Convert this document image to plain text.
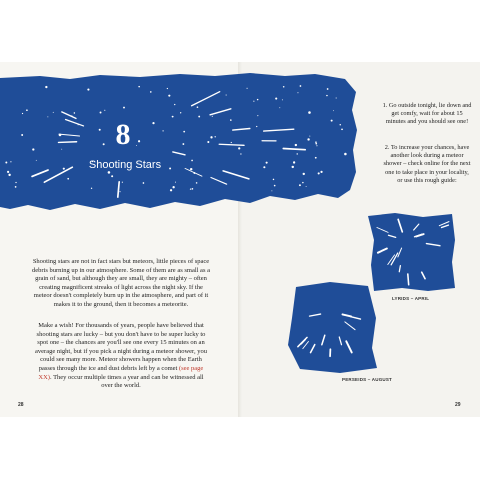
8
Shooting Stars

Shooting stars are not in fact stars but meteors, little pieces of space debris burning up in our atmosphere. Some of them are as small as a grain of sand, but although they are small, they are mighty – often creating magnificent streaks of light across the night sky. If the meteor doesn't completely burn up in the atmosphere, and part of it makes it to the ground, then it becomes a meteorite.

Make a wish! For thousands of years, people have believed that shooting stars are lucky – but you don't have to be super lucky to spot one – the chances are you'll see one every 15 minutes on an average night, but if you pick a night during a meteor shower, you could see many more. Meteor showers happen when the Earth passes through the ice and dust debris left by a comet (see page XX). They occur multiple times a year and can be witnessed all over the world.

1. Go outside tonight, lie down and get comfy, wait for about 15 minutes and you should see one!
2. To increase your chances, have another look during a meteor shower – check online for the next one to take place in your locality, or use this rough guide:
LYRIDS – APRIL
PERSEIDS – AUGUST
28	29
